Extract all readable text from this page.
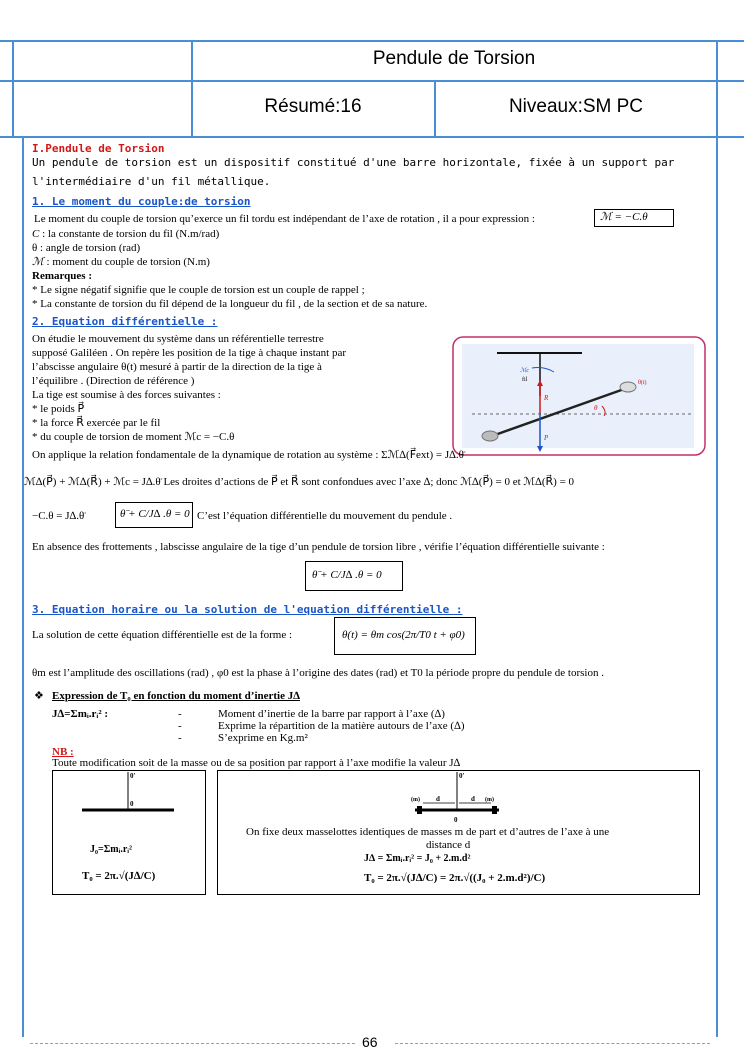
Pendule de Torsion
Résumé:16	Niveaux:SM PC
I.Pendule de Torsion
Un pendule de torsion est un dispositif constitué d'une barre horizontale, fixée à un support par
l'intermédiaire d'un fil métallique.
1. Le moment du couple:de torsion
Le moment du couple de torsion qu’exerce un fil tordu est indépendant de l’axe de rotation , il a pour expression :	ℳ = −C.θ
C : la constante de torsion du fil (N.m/rad)
θ : angle de torsion (rad)
ℳ : moment du couple de torsion (N.m)
Remarques :
* Le signe négatif signifie que le couple de torsion est un couple de rappel ;
* La constante de torsion du fil dépend de la longueur du fil , de la section et de sa nature.
2. Equation différentielle :
On étudie le mouvement du système dans un référentielle terrestre
supposé Galiléen . On repère les position de la tige à chaque instant par
l’abscisse angulaire θ(t) mesuré à partir de la direction de la tige à
l’équilibre . (Direction de référence )
La tige est soumise à des forces suivantes :
* le poids P⃗
* la force R⃗ exercée par le fil
* du couple de torsion de moment ℳc = −C.θ
fil
R⃗
P⃗
ℳc
θ
θ(t)
On applique la relation fondamentale de la dynamique de rotation au système : Σℳ∆(F⃗ext) = J∆.θ̈
ℳ∆(P⃗) + ℳ∆(R⃗) + ℳc = J∆.θ̈ Les droites d’actions de P⃗ et R⃗ sont confondues avec l’axe ∆; donc ℳ∆(P⃗) = 0 et ℳ∆(R⃗) = 0
−C.θ = J∆.θ̈	θ̈ + C/J∆ .θ = 0 C’est l’équation différentielle du mouvement du pendule .
En absence des frottements , labscisse angulaire de la tige d’un pendule de torsion libre , vérifie l’équation différentielle suivante :
θ̈ + C/J∆ .θ = 0
3. Equation horaire ou la solution de l'equation différentielle :
La solution de cette équation différentielle est de la forme :	θ(t) = θm cos(2π/T0 t + φ0)
θm est l’amplitude des oscillations (rad) , φ0 est la phase à l’origine des dates (rad) et T0 la période propre du pendule de torsion .
❖ Expression de T₀ en fonction du moment d’inertie J∆
J∆=Σmᵢ.rᵢ² :	-	Moment d’inertie de la barre par rapport à l’axe (∆)
-	Exprime la répartition de la matière autours de l’axe (∆)
-	S’exprime en Kg.m²
NB :
Toute modification soit de la masse ou de sa position par rapport à l’axe modifie la valeur J∆
0'
0
J₀=Σmᵢ.rᵢ²
T₀ = 2π.√(J∆/C)
0'
0
(m)	(m)
d	d
On fixe deux masselottes identiques de masses m de part et d’autres de l’axe à une
distance d
J∆ = Σmᵢ.rᵢ² = J₀ + 2.m.d²
T₀ = 2π.√(J∆/C) = 2π.√((J₀ + 2.m.d²)/C)
66
